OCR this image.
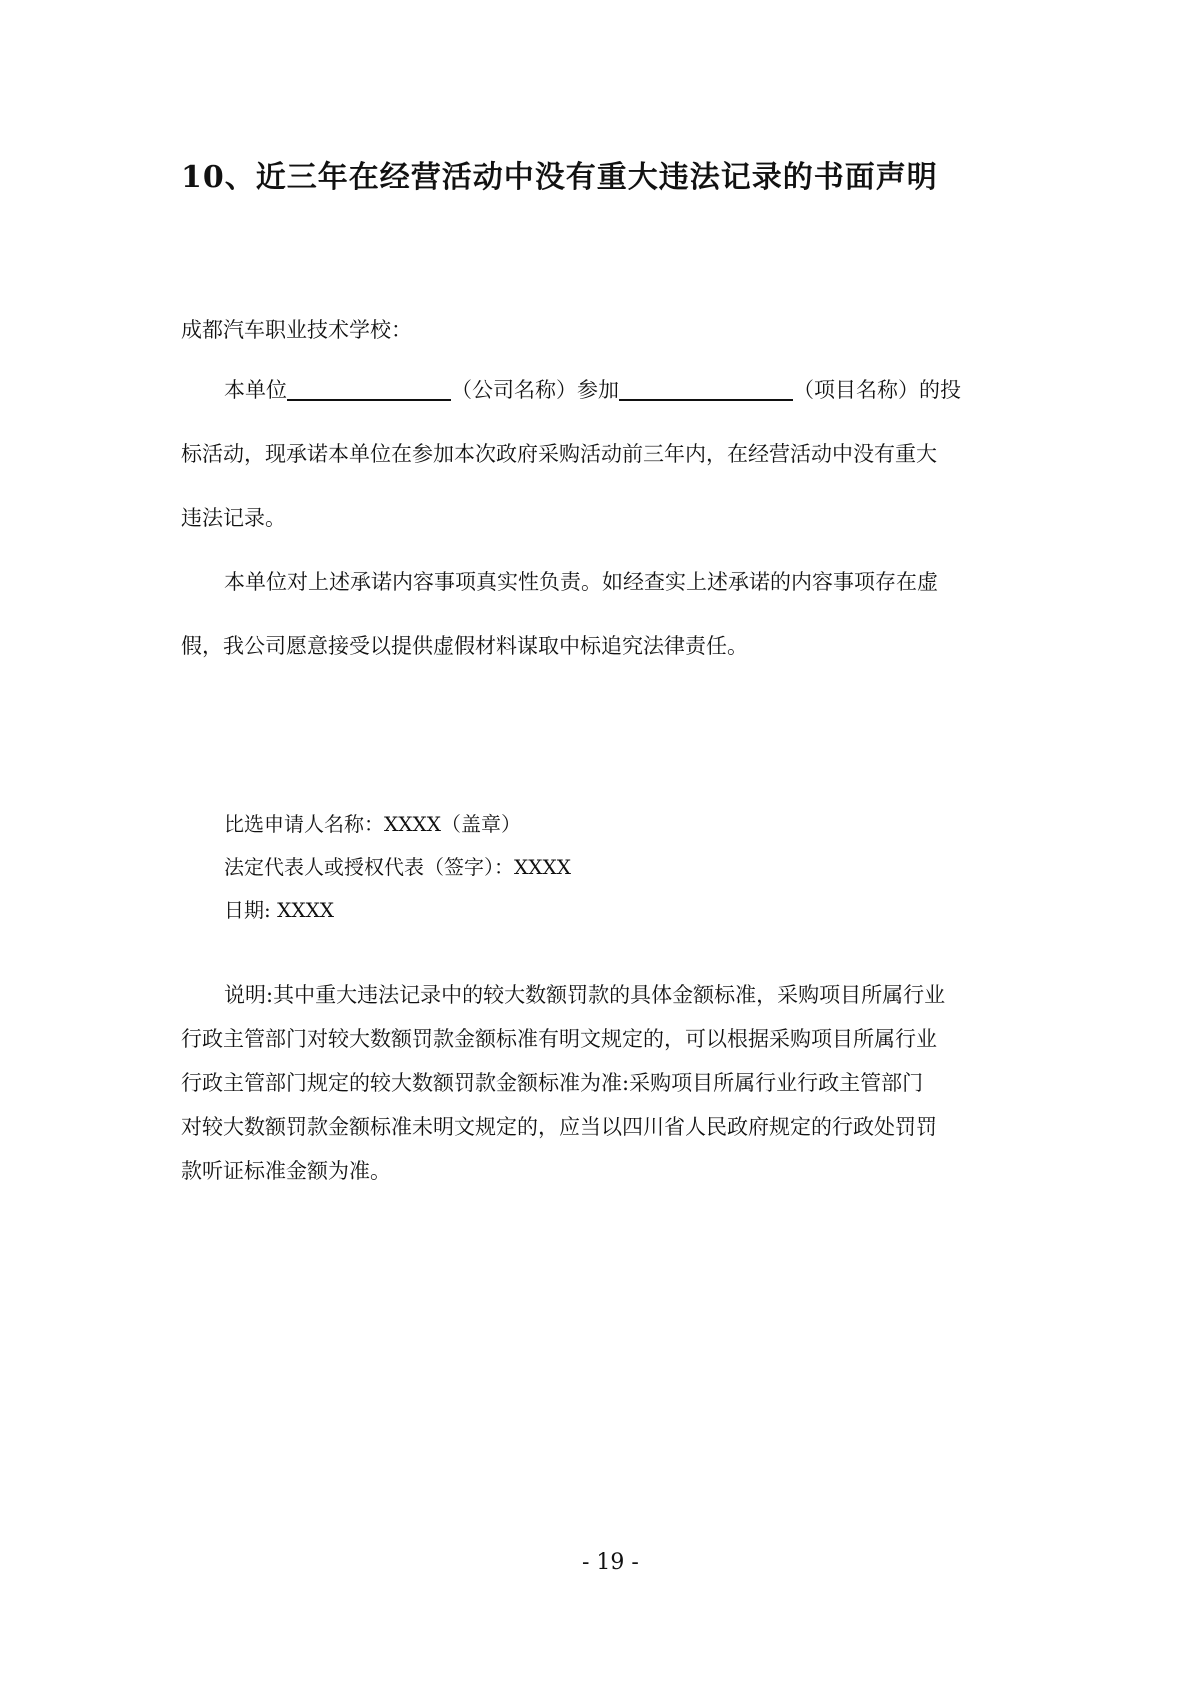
10、近三年在经营活动中没有重大违法记录的书面声明
成都汽车职业技术学校：
本单位	（公司名称）参加	（项目名称）的投
标活动，现承诺本单位在参加本次政府采购活动前三年内，在经营活动中没有重大
违法记录。
本单位对上述承诺内容事项真实性负责。如经查实上述承诺的内容事项存在虚
假，我公司愿意接受以提供虚假材料谋取中标追究法律责任。
比选申请人名称：XXXX（盖章）
法定代表人或授权代表（签字）：XXXX
日期: XXXX
说明:其中重大违法记录中的较大数额罚款的具体金额标准，采购项目所属行业
行政主管部门对较大数额罚款金额标准有明文规定的，可以根据采购项目所属行业
行政主管部门规定的较大数额罚款金额标准为准:采购项目所属行业行政主管部门
对较大数额罚款金额标准未明文规定的，应当以四川省人民政府规定的行政处罚罚
款听证标准金额为准。
- 19 -
